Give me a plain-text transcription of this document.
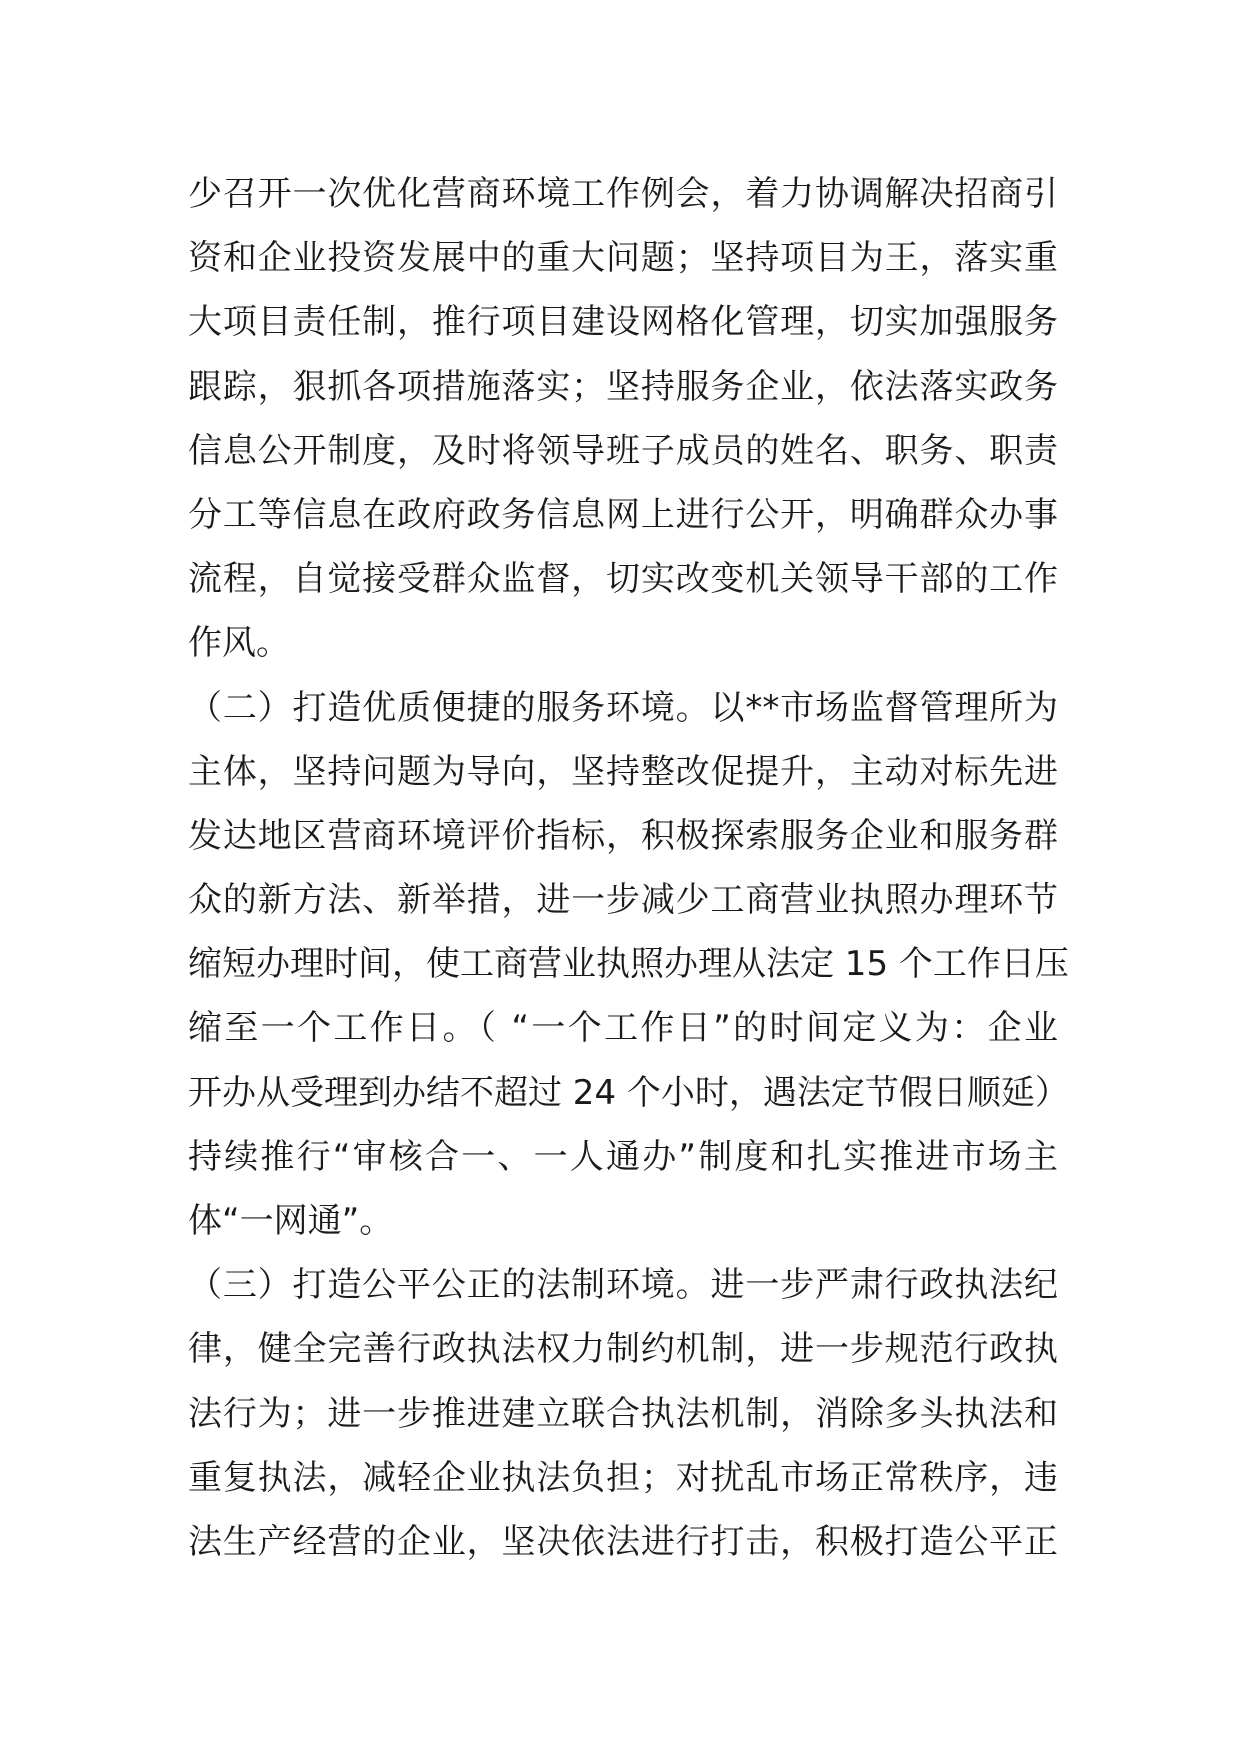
少召开一次优化营商环境工作例会，着力协调解决招商引
资和企业投资发展中的重大问题；坚持项目为王，落实重
大项目责任制，推行项目建设网格化管理，切实加强服务
跟踪，狠抓各项措施落实；坚持服务企业，依法落实政务
信息公开制度，及时将领导班子成员的姓名、职务、职责
分工等信息在政府政务信息网上进行公开，明确群众办事
流程，自觉接受群众监督，切实改变机关领导干部的工作
作风。
（二）打造优质便捷的服务环境。以**市场监督管理所为
主体，坚持问题为导向，坚持整改促提升，主动对标先进
发达地区营商环境评价指标，积极探索服务企业和服务群
众的新方法、新举措，进一步减少工商营业执照办理环节
缩短办理时间，使工商营业执照办理从法定 15 个工作日压
缩至一个工作日。（ “一个工作日”的时间定义为：企业
开办从受理到办结不超过 24 个小时，遇法定节假日顺延）
持续推行“审核合一、一人通办”制度和扎实推进市场主
体“一网通”。
（三）打造公平公正的法制环境。进一步严肃行政执法纪
律，健全完善行政执法权力制约机制，进一步规范行政执
法行为；进一步推进建立联合执法机制，消除多头执法和
重复执法，减轻企业执法负担；对扰乱市场正常秩序，违
法生产经营的企业，坚决依法进行打击，积极打造公平正
